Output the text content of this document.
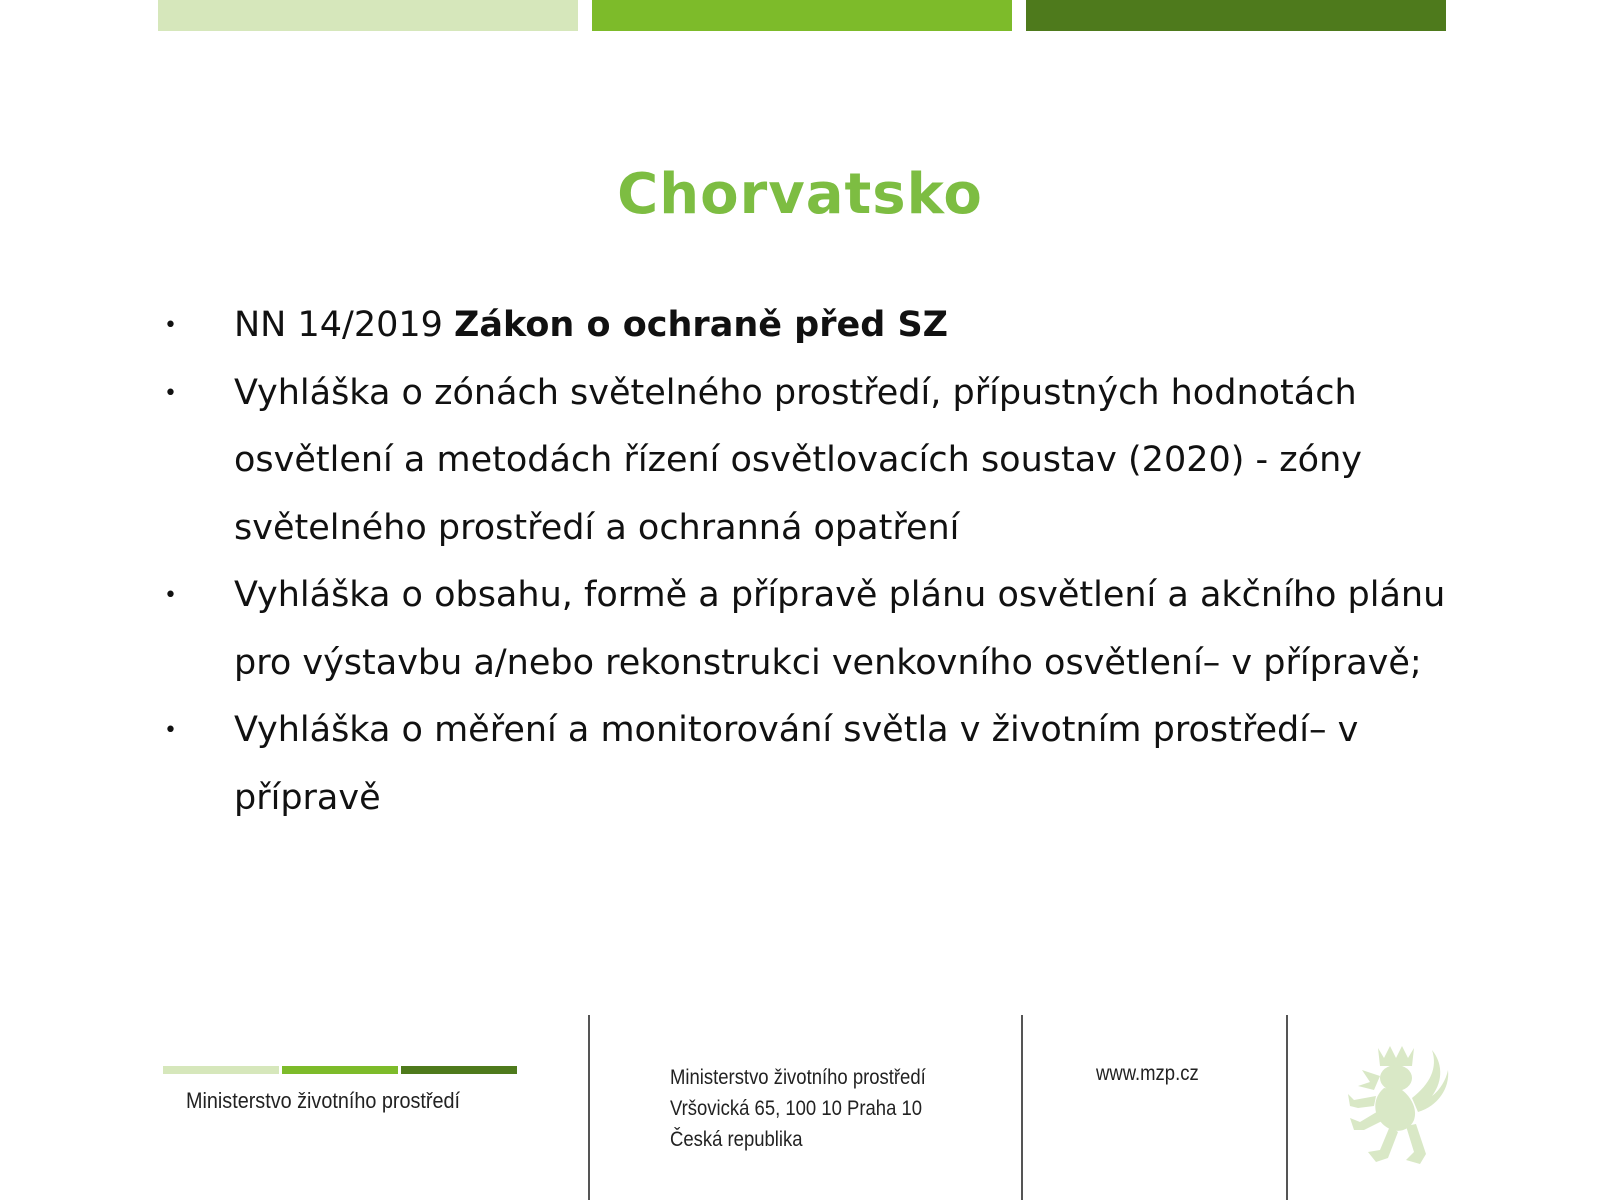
Chorvatsko
• NN 14/2019 Zákon o ochraně před SZ
• Vyhláška o zónách světelného prostředí, přípustných hodnotách osvětlení a metodách řízení osvětlovacích soustav (2020) - zóny světelného prostředí a ochranná opatření
• Vyhláška o obsahu, formě a přípravě plánu osvětlení a akčního plánu pro výstavbu a/nebo rekonstrukci venkovního osvětlení– v přípravě;
• Vyhláška o měření a monitorování světla v životním prostředí– v přípravě
Ministerstvo životního prostředí
Ministerstvo životního prostředí
Vršovická 65, 100 10 Praha 10
Česká republika
www.mzp.cz
